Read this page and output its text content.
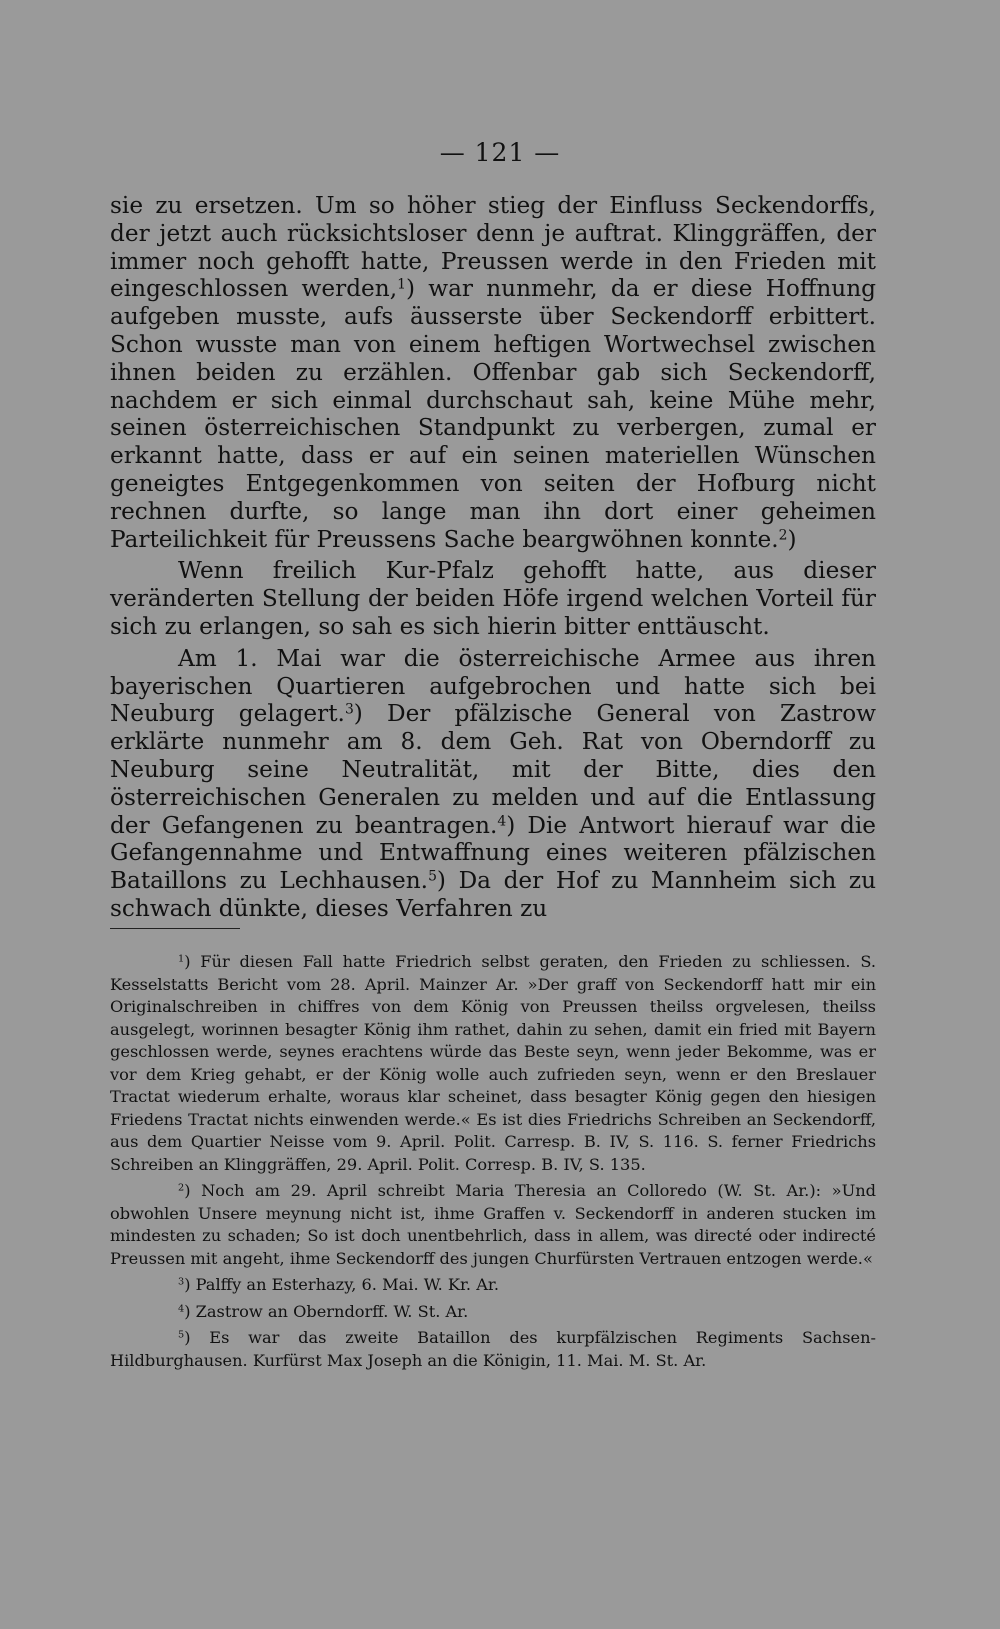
— 121 —

sie zu ersetzen. Um so höher stieg der Einfluss Seckendorffs, der jetzt auch rücksichtsloser denn je auftrat. Klinggräffen, der immer noch gehofft hatte, Preussen werde in den Frieden mit eingeschlossen werden,$^1$) war nunmehr, da er diese Hoffnung aufgeben musste, aufs äusserste über Seckendorff erbittert. Schon wusste man von einem heftigen Wortwechsel zwischen ihnen beiden zu erzählen. Offenbar gab sich Seckendorff, nachdem er sich einmal durchschaut sah, keine Mühe mehr, seinen österreichischen Standpunkt zu verbergen, zumal er erkannt hatte, dass er auf ein seinen materiellen Wünschen geneigtes Entgegenkommen von seiten der Hofburg nicht rechnen durfte, so lange man ihn dort einer geheimen Parteilichkeit für Preussens Sache beargwöhnen konnte.$^2$)

Wenn freilich Kur-Pfalz gehofft hatte, aus dieser veränderten Stellung der beiden Höfe irgend welchen Vorteil für sich zu erlangen, so sah es sich hierin bitter enttäuscht.

Am 1. Mai war die österreichische Armee aus ihren bayerischen Quartieren aufgebrochen und hatte sich bei Neuburg gelagert.$^3$) Der pfälzische General von Zastrow erklärte nunmehr am 8. dem Geh. Rat von Oberndorff zu Neuburg seine Neutralität, mit der Bitte, dies den österreichischen Generalen zu melden und auf die Entlassung der Gefangenen zu beantragen.$^4$) Die Antwort hierauf war die Gefangennahme und Entwaffnung eines weiteren pfälzischen Bataillons zu Lechhausen.$^5$) Da der Hof zu Mannheim sich zu schwach dünkte, dieses Verfahren zu

$^1$) Für diesen Fall hatte Friedrich selbst geraten, den Frieden zu schliessen. S. Kesselstatts Bericht vom 28. April. Mainzer Ar. »Der graff von Seckendorff hatt mir ein Originalschreiben in chiffres von dem König von Preussen theilss orgvelesen, theilss ausgelegt, worinnen besagter König ihm rathet, dahin zu sehen, damit ein fried mit Bayern geschlossen werde, seynes erachtens würde das Beste seyn, wenn jeder Bekomme, was er vor dem Krieg gehabt, er der König wolle auch zufrieden seyn, wenn er den Breslauer Tractat wiederum erhalte, woraus klar scheinet, dass besagter König gegen den hiesigen Friedens Tractat nichts einwenden werde.« Es ist dies Friedrichs Schreiben an Seckendorff, aus dem Quartier Neisse vom 9. April. Polit. Carresp. B. IV, S. 116. S. ferner Friedrichs Schreiben an Klinggräffen, 29. April. Polit. Corresp. B. IV, S. 135.

$^2$) Noch am 29. April schreibt Maria Theresia an Colloredo (W. St. Ar.): »Und obwohlen Unsere meynung nicht ist, ihme Graffen v. Seckendorff in anderen stucken im mindesten zu schaden; So ist doch unentbehrlich, dass in allem, was directé oder indirecté Preussen mit angeht, ihme Seckendorff des jungen Churfürsten Vertrauen entzogen werde.«

$^3$) Palffy an Esterhazy, 6. Mai. W. Kr. Ar.

$^4$) Zastrow an Oberndorff. W. St. Ar.

$^5$) Es war das zweite Bataillon des kurpfälzischen Regiments Sachsen-Hildburghausen. Kurfürst Max Joseph an die Königin, 11. Mai. M. St. Ar.
